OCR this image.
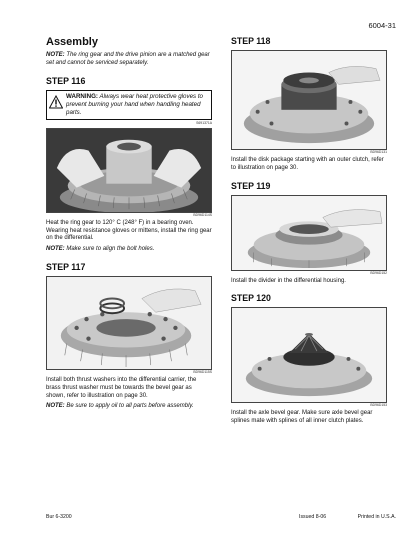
6004-31
Assembly

NOTE: The ring gear and the drive pinion are a matched gear set and cannot be serviced separately.

STEP 116
WARNING: Always wear heat protective gloves to prevent burning your hand when handling heated parts.
S691371A
BD96D114S

Heat the ring gear to 120° C (248° F) in a bearing oven. Wearing heat resistance gloves or mittens, install the ring gear on the differential.

NOTE: Make sure to align the bolt holes.

STEP 117
BD96D115S

Install both thrust washers into the differential carrier, the brass thrust washer must be towards the bevel gear as shown, refer to illustration on page 30.

NOTE: Be sure to apply oil to all parts before assembly.

STEP 118
BD96D131

Install the disk package starting with an outer clutch, refer to illustration on page 30.

STEP 119
BD96D152

Install the divider in the differential housing.

STEP 120
BD96D153

Install the axle bevel gear. Make sure axle bevel gear splines mate with splines of all inner clutch plates.

Bur 6-3200	Issued 8-06	Printed in U.S.A.
